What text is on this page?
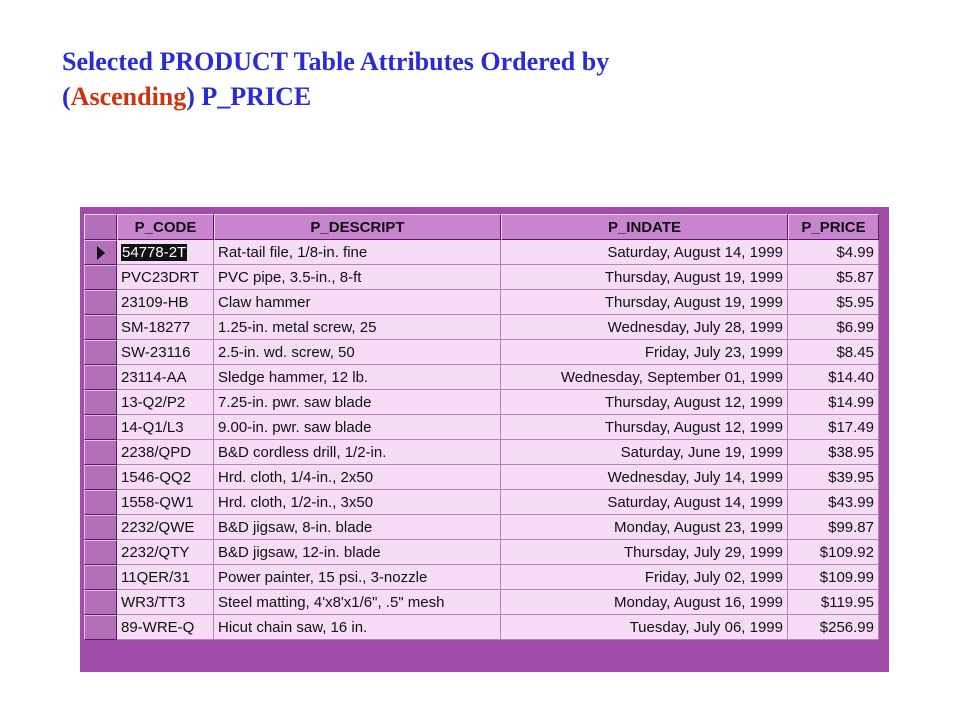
Selected PRODUCT Table Attributes Ordered by
(Ascending) P_PRICE
	P_CODE	P_DESCRIPT	P_INDATE	P_PRICE
	54778-2T	Rat-tail file, 1/8-in. fine	Saturday, August 14, 1999	$4.99
	PVC23DRT	PVC pipe, 3.5-in., 8-ft	Thursday, August 19, 1999	$5.87
	23109-HB	Claw hammer	Thursday, August 19, 1999	$5.95
	SM-18277	1.25-in. metal screw, 25	Wednesday, July 28, 1999	$6.99
	SW-23116	2.5-in. wd. screw, 50	Friday, July 23, 1999	$8.45
	23114-AA	Sledge hammer, 12 lb.	Wednesday, September 01, 1999	$14.40
	13-Q2/P2	7.25-in. pwr. saw blade	Thursday, August 12, 1999	$14.99
	14-Q1/L3	9.00-in. pwr. saw blade	Thursday, August 12, 1999	$17.49
	2238/QPD	B&D cordless drill, 1/2-in.	Saturday, June 19, 1999	$38.95
	1546-QQ2	Hrd. cloth, 1/4-in., 2x50	Wednesday, July 14, 1999	$39.95
	1558-QW1	Hrd. cloth, 1/2-in., 3x50	Saturday, August 14, 1999	$43.99
	2232/QWE	B&D jigsaw, 8-in. blade	Monday, August 23, 1999	$99.87
	2232/QTY	B&D jigsaw, 12-in. blade	Thursday, July 29, 1999	$109.92
	11QER/31	Power painter, 15 psi., 3-nozzle	Friday, July 02, 1999	$109.99
	WR3/TT3	Steel matting, 4'x8'x1/6", .5" mesh	Monday, August 16, 1999	$119.95
	89-WRE-Q	Hicut chain saw, 16 in.	Tuesday, July 06, 1999	$256.99
